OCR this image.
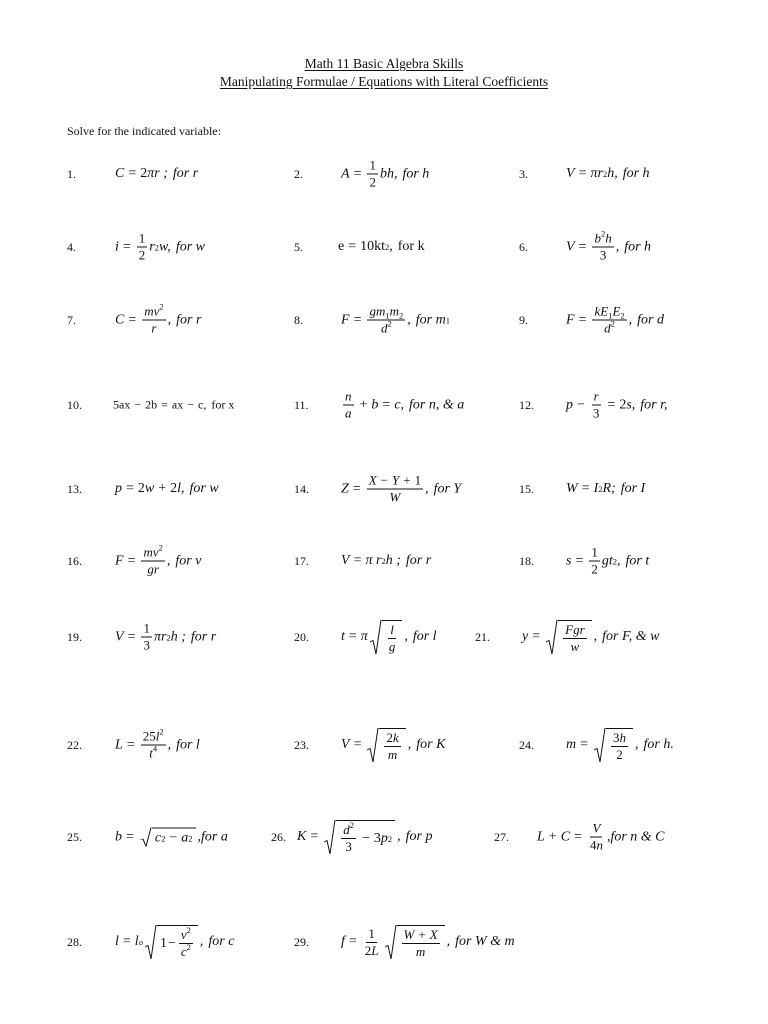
Math 11 Basic Algebra Skills
Manipulating Formulae / Equations with Literal Coefficients
Solve for the indicated variable:
1.	C = 2 πr ; for r	2.	$A = \frac{1}{2}$ bh, for h	3.	V = πr 2 h, for h
4.	$i = \frac{1}{2}$ r 2 w, for w	5.	e = 10kt 2 , for k	6.	$V = \frac{b^2h}{3}$ , for h
7.	$C = \frac{mv^2}{r}$ , for r	8.	$F = \frac{gm_1m_2}{d^2}$ , for m 1	9.	$F = \frac{kE_1E_2}{d^2}$ , for d
10.	5ax − 2b = ax − c, for x	11.	$\frac{n}{a} + b = c$, for n, & a	12. $p - \frac{r}{3} = 2$ s, for r,
13. p = 2 w + 2 l, for w	14. $Z = \frac{X - Y + 1}{W}$ , for Y	15. W = I 2 R; for I
16. $F = \frac{mv^2}{gr}$ , for v	17. V = π r 2 h ; for r	18. $s = \frac{1}{2}$ gt 2 , for t
19. $V = \frac{1}{3}$ πr 2 h ; for r	20. t = π $\frac{l}{g}$ , for l	21. $y = \frac{\text{Fgr}}{w}$ , for F, & w
22. $L = \frac{25l^2}{t^4}$ , for l	23. $V = \frac{2k}{m}$ , for K	24. $m = \frac{3h}{2}$ , for h.
25. b = c 2 − a 2 , for a	26. $K = \frac{d^2}{3} - 3$ p 2 , for p	27. $L + C = \frac{V}{4n}$ , for n & C
28. l = l o $1 - \frac{v^2}{c^2}$ , for c	29. $f = \frac{1}{2L} \frac{W + X}{m}$ , for W & m
